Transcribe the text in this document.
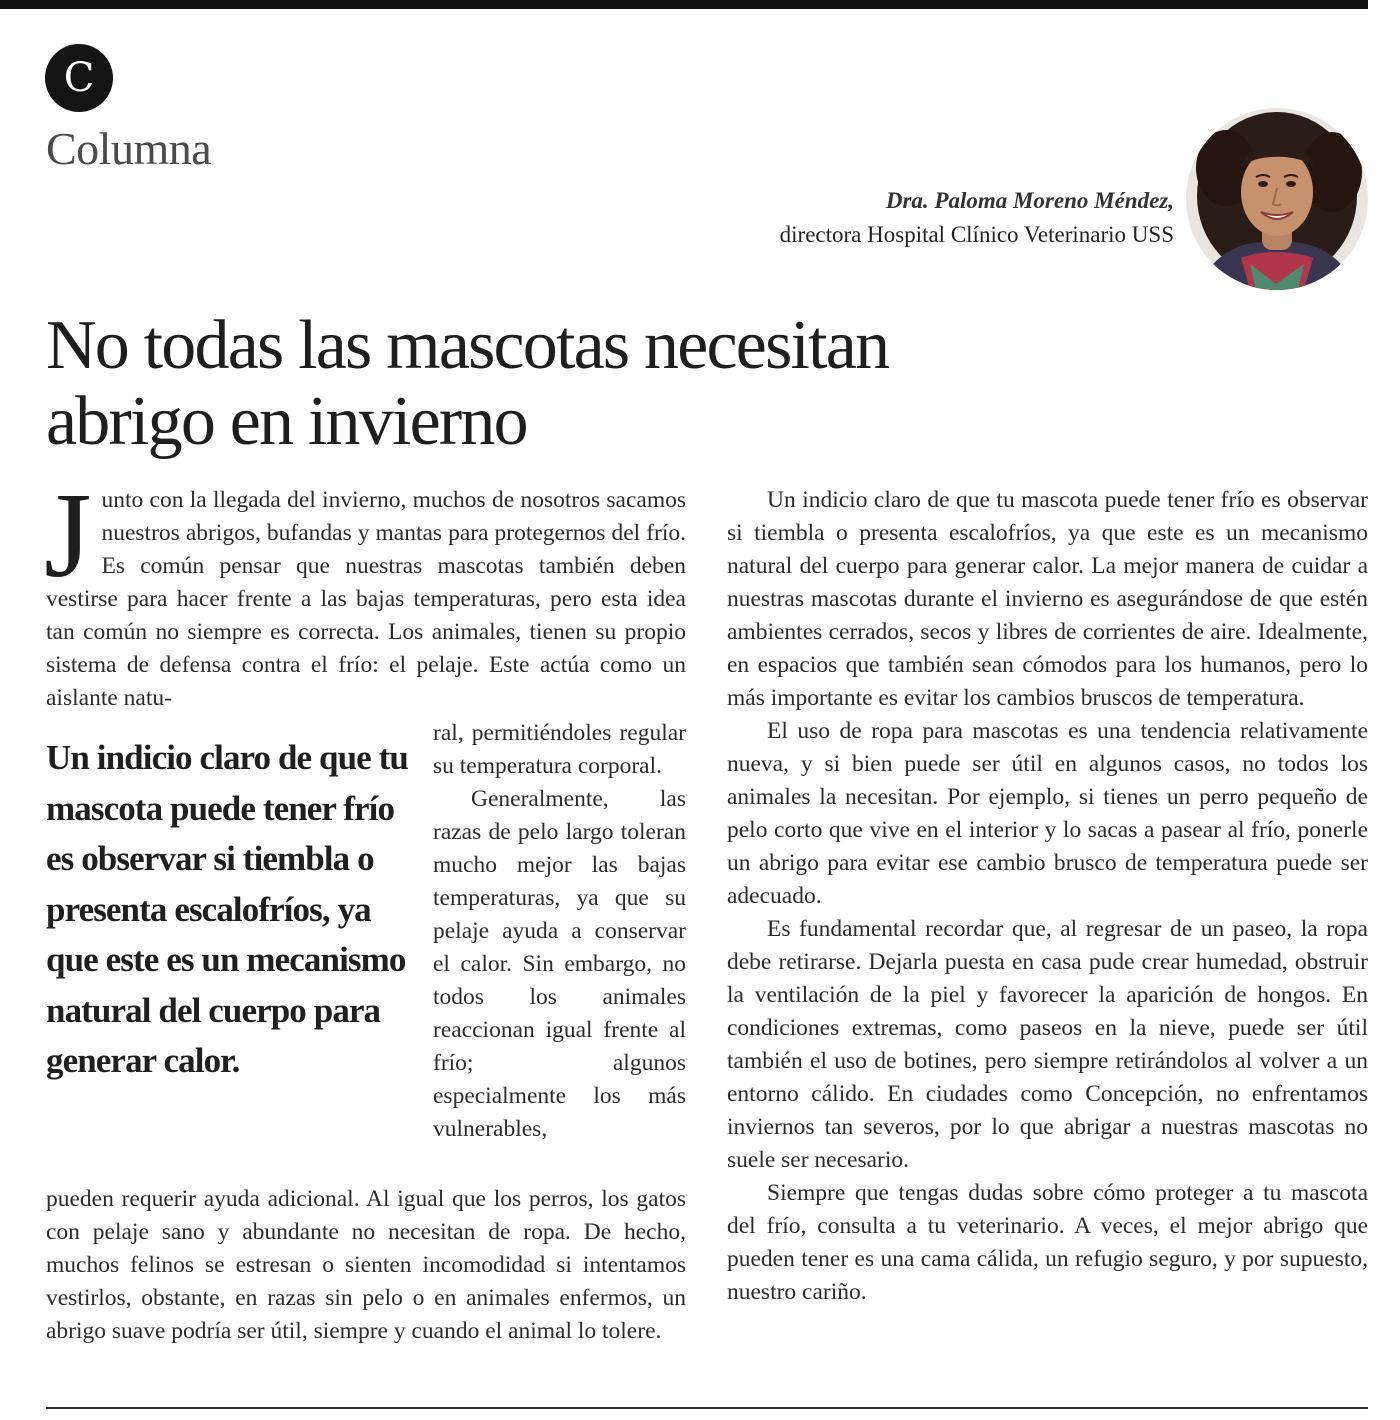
C
Columna
Dra. Paloma Moreno Méndez,
directora Hospital Clínico Veterinario USS
No todas las mascotas necesitan
abrigo en invierno

Junto con la llegada del invierno, muchos de nosotros sacamos nuestros abrigos, bufandas y mantas para protegernos del frío. Es común pensar que nuestras mascotas también deben vestirse para hacer frente a las bajas temperaturas, pero esta idea tan común no siempre es correcta. Los animales, tienen su propio sistema de defensa contra el frío: el pelaje. Este actúa como un aislante natu-

Un indicio claro de que tu mascota puede tener frío es observar si tiembla o presenta escalofríos, ya que este es un mecanismo natural del cuerpo para generar calor.

ral, permitiéndoles regular su temperatura corporal.

Generalmente, las razas de pelo largo toleran mucho mejor las bajas temperaturas, ya que su pelaje ayuda a conservar el calor. Sin embargo, no todos los animales reaccionan igual frente al frío; algunos especialmente los más vulnerables,

pueden requerir ayuda adicional. Al igual que los perros, los gatos con pelaje sano y abundante no necesitan de ropa. De hecho, muchos felinos se estresan o sienten incomodidad si intentamos vestirlos, obstante, en razas sin pelo o en animales enfermos, un abrigo suave podría ser útil, siempre y cuando el animal lo tolere.

Un indicio claro de que tu mascota puede tener frío es observar si tiembla o presenta escalofríos, ya que este es un mecanismo natural del cuerpo para generar calor. La mejor manera de cuidar a nuestras mascotas durante el invierno es asegurándose de que estén ambientes cerrados, secos y libres de corrientes de aire. Idealmente, en espacios que también sean cómodos para los humanos, pero lo más importante es evitar los cambios bruscos de temperatura.

El uso de ropa para mascotas es una tendencia relativamente nueva, y si bien puede ser útil en algunos casos, no todos los animales la necesitan. Por ejemplo, si tienes un perro pequeño de pelo corto que vive en el interior y lo sacas a pasear al frío, ponerle un abrigo para evitar ese cambio brusco de temperatura puede ser adecuado.

Es fundamental recordar que, al regresar de un paseo, la ropa debe retirarse. Dejarla puesta en casa pude crear humedad, obstruir la ventilación de la piel y favorecer la aparición de hongos. En condiciones extremas, como paseos en la nieve, puede ser útil también el uso de botines, pero siempre retirándolos al volver a un entorno cálido. En ciudades como Concepción, no enfrentamos inviernos tan severos, por lo que abrigar a nuestras mascotas no suele ser necesario.

Siempre que tengas dudas sobre cómo proteger a tu mascota del frío, consulta a tu veterinario. A veces, el mejor abrigo que pueden tener es una cama cálida, un refugio seguro, y por supuesto, nuestro cariño.
